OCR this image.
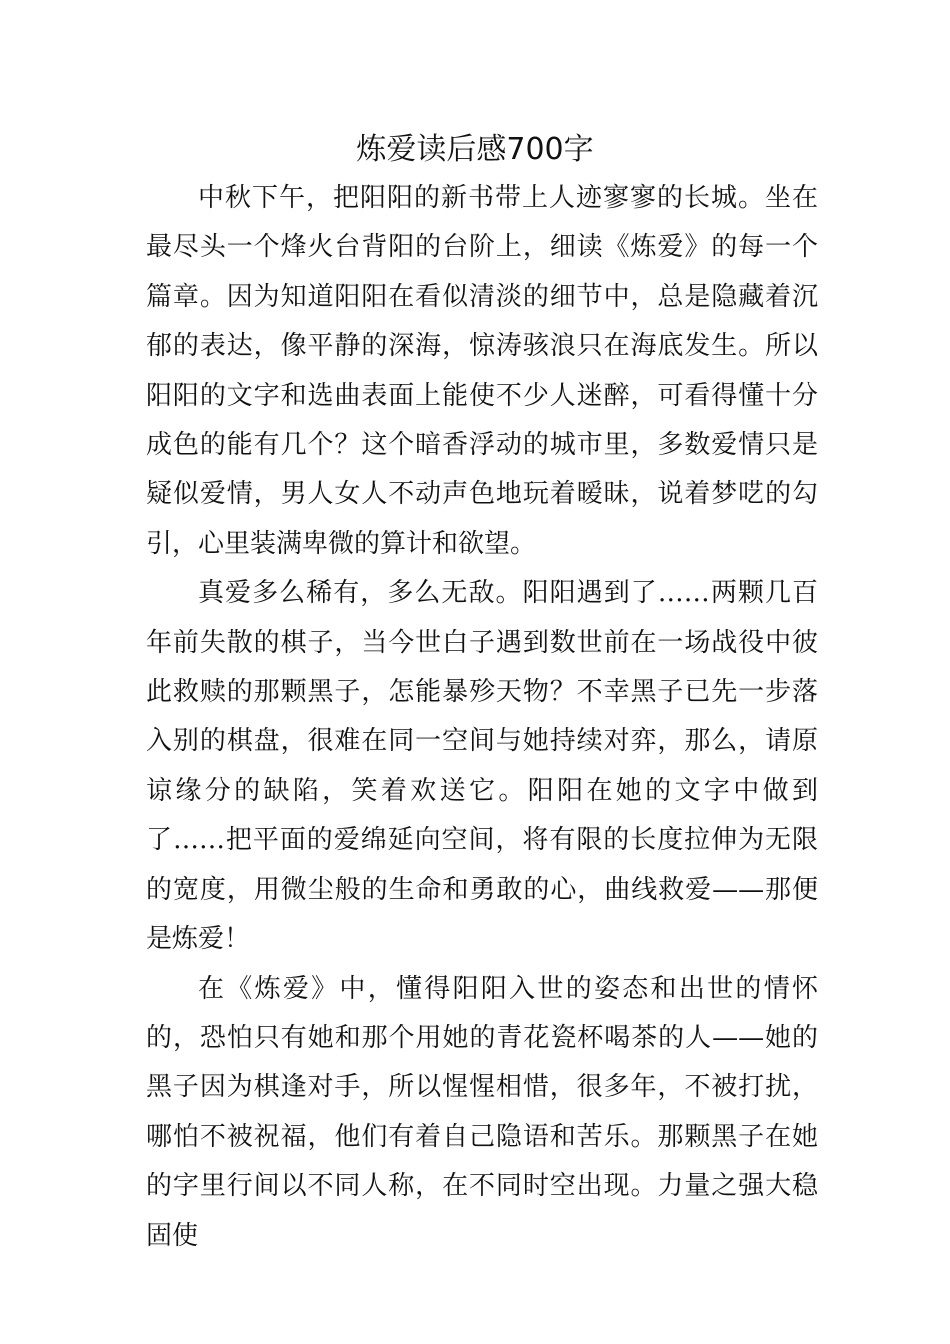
炼爱读后感700字

中秋下午，把阳阳的新书带上人迹寥寥的长城。坐在最尽头一个烽火台背阳的台阶上，细读《炼爱》的每一个篇章。因为知道阳阳在看似清淡的细节中，总是隐藏着沉郁的表达，像平静的深海，惊涛骇浪只在海底发生。所以阳阳的文字和选曲表面上能使不少人迷醉，可看得懂十分成色的能有几个？这个暗香浮动的城市里，多数爱情只是疑似爱情，男人女人不动声色地玩着暧昧，说着梦呓的勾引，心里装满卑微的算计和欲望。

真爱多么稀有，多么无敌。阳阳遇到了……两颗几百年前失散的棋子，当今世白子遇到数世前在一场战役中彼此救赎的那颗黑子，怎能暴殄天物？不幸黑子已先一步落入别的棋盘，很难在同一空间与她持续对弈，那么，请原谅缘分的缺陷，笑着欢送它。阳阳在她的文字中做到了……把平面的爱绵延向空间，将有限的长度拉伸为无限的宽度，用微尘般的生命和勇敢的心，曲线救爱——那便是炼爱！

在《炼爱》中，懂得阳阳入世的姿态和出世的情怀的，恐怕只有她和那个用她的青花瓷杯喝茶的人——她的黑子因为棋逢对手，所以惺惺相惜，很多年，不被打扰，哪怕不被祝福，他们有着自己隐语和苦乐。那颗黑子在她的字里行间以不同人称，在不同时空出现。力量之强大稳固使
